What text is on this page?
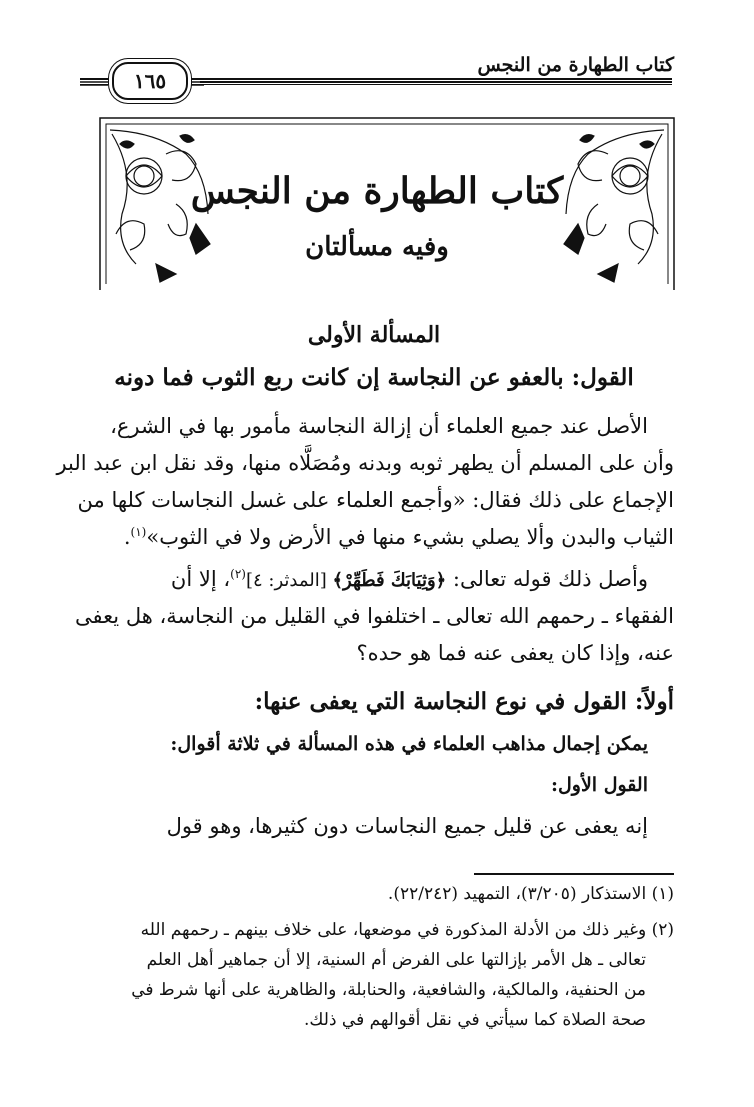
كتاب الطهارة من النجس
١٦٥
كتاب الطهارة من النجس
وفيه مسألتان
المسألة الأولى
القول: بالعفو عن النجاسة إن كانت ربع الثوب فما دونه
الأصل عند جميع العلماء أن إزالة النجاسة مأمور بها في الشرع،
وأن على المسلم أن يطهر ثوبه وبدنه ومُصَلَّاه منها، وقد نقل ابن عبد البر
الإجماع على ذلك فقال: «وأجمع العلماء على غسل النجاسات كلها من
الثياب والبدن وألا يصلي بشيء منها في الأرض ولا في الثوب»$^{(١)}$.
وأصل ذلك قوله تعالى: ﴿وَثِيَابَكَ فَطَهِّرْ﴾ [المدثر: ٤]$^{(٢)}$، إلا أن
الفقهاء ـ رحمهم الله تعالى ـ اختلفوا في القليل من النجاسة، هل يعفى
عنه، وإذا كان يعفى عنه فما هو حده؟
أولاً: القول في نوع النجاسة التي يعفى عنها:
يمكن إجمال مذاهب العلماء في هذه المسألة في ثلاثة أقوال:
القول الأول:
إنه يعفى عن قليل جميع النجاسات دون كثيرها، وهو قول
(١) الاستذكار (٣/٢٠٥)، التمهيد (٢٢/٢٤٢).
(٢) وغير ذلك من الأدلة المذكورة في موضعها، على خلاف بينهم ـ رحمهم الله
تعالى ـ هل الأمر بإزالتها على الفرض أم السنية، إلا أن جماهير أهل العلم
من الحنفية، والمالكية، والشافعية، والحنابلة، والظاهرية على أنها شرط في
صحة الصلاة كما سيأتي في نقل أقوالهم في ذلك.
